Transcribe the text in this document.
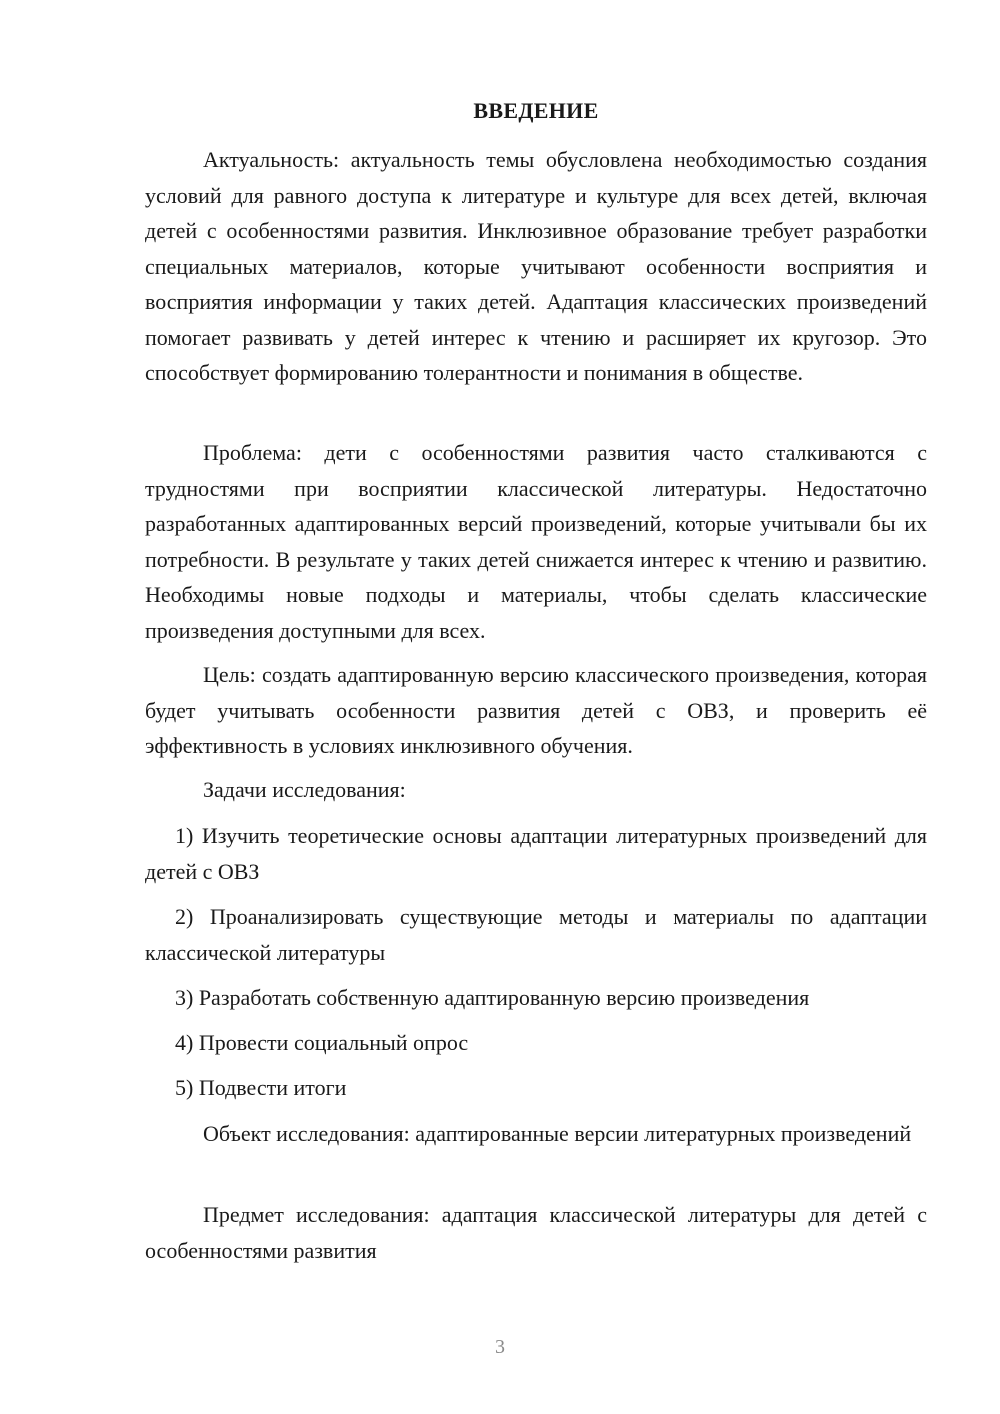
ВВЕДЕНИЕ

Актуальность: актуальность темы обусловлена необходимостью создания условий для равного доступа к литературе и культуре для всех детей, включая детей с особенностями развития. Инклюзивное образование требует разработки специальных материалов, которые учитывают особенности восприятия и восприятия информации у таких детей. Адаптация классических произведений помогает развивать у детей интерес к чтению и расширяет их кругозор. Это способствует формированию толерантности и понимания в обществе.

Проблема: дети с особенностями развития часто сталкиваются с трудностями при восприятии классической литературы. Недостаточно разработанных адаптированных версий произведений, которые учитывали бы их потребности. В результате у таких детей снижается интерес к чтению и развитию. Необходимы новые подходы и материалы, чтобы сделать классические произведения доступными для всех.

Цель: создать адаптированную версию классического произведения, которая будет учитывать особенности развития детей с ОВЗ, и проверить её эффективность в условиях инклюзивного обучения.

Задачи исследования:

1) Изучить теоретические основы адаптации литературных произведений для детей с ОВЗ

2) Проанализировать существующие методы и материалы по адаптации классической литературы

3) Разработать собственную адаптированную версию произведения

4) Провести социальный опрос

5) Подвести итоги

Объект исследования: адаптированные версии литературных произведений

Предмет исследования: адаптация классической литературы для детей с особенностями развития

3
